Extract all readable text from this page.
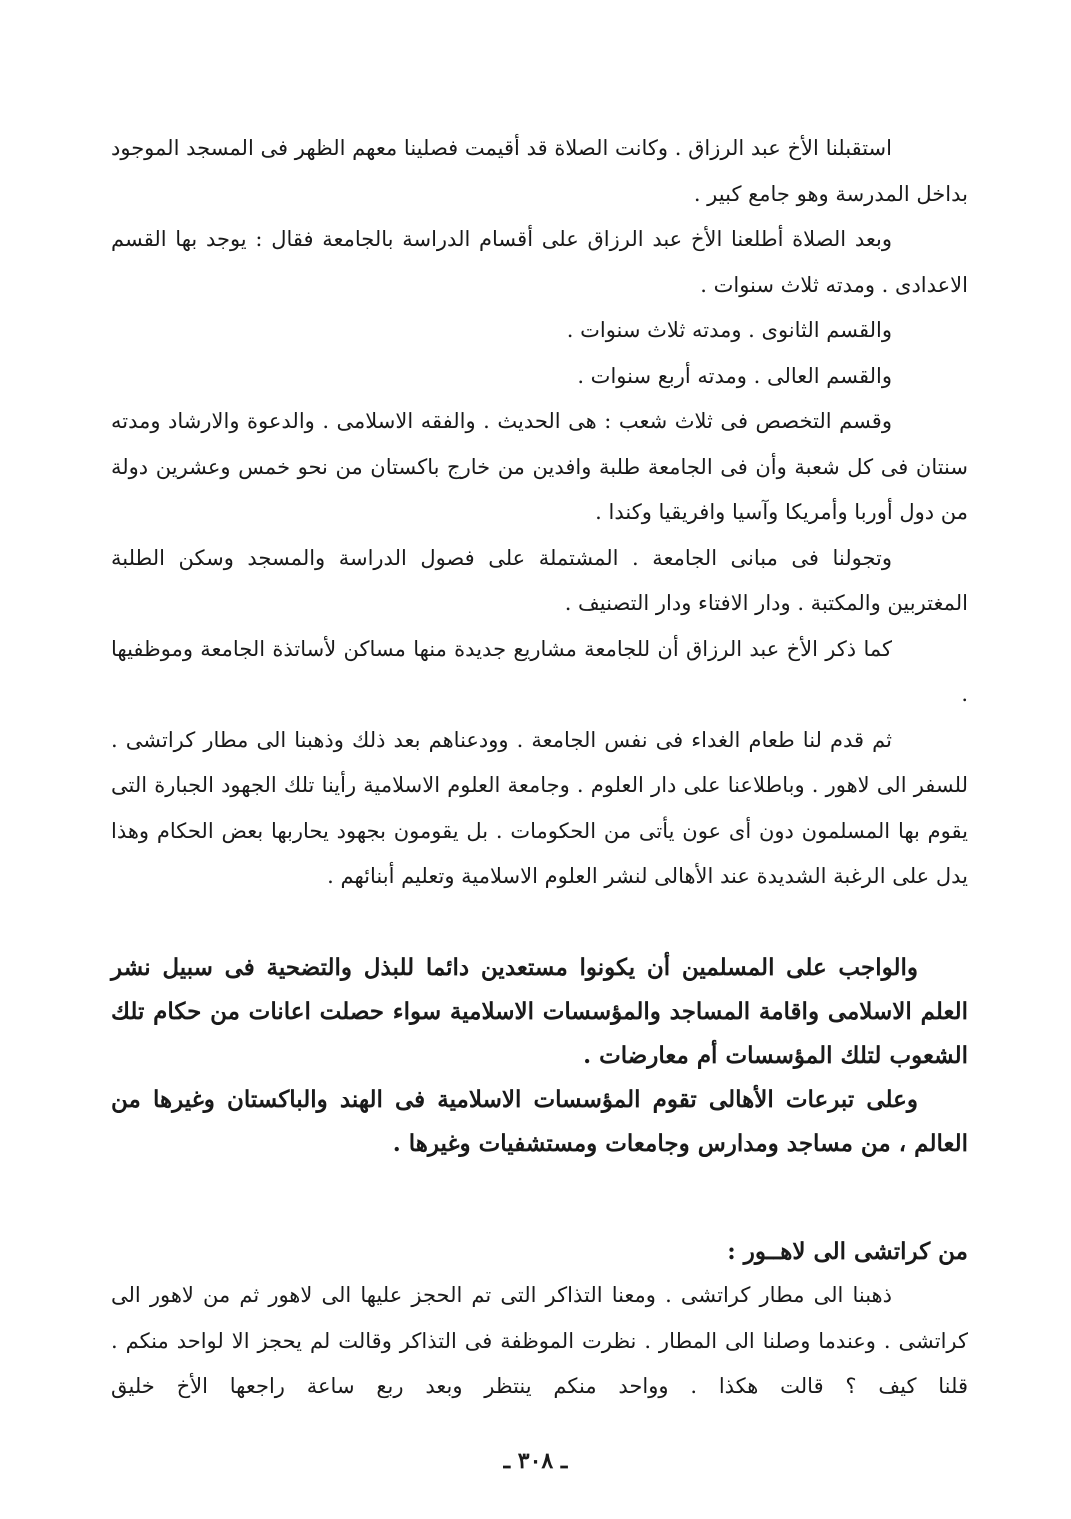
استقبلنا الأخ عبد الرزاق . وكانت الصلاة قد أقيمت فصلينا معهم الظهر فى المسجد الموجود بداخل المدرسة وهو جامع كبير .

وبعد الصلاة أطلعنا الأخ عبد الرزاق على أقسام الدراسة بالجامعة فقال : يوجد بها القسم الاعدادى . ومدته ثلاث سنوات .

والقسم الثانوى . ومدته ثلاث سنوات .

والقسم العالى . ومدته أربع سنوات .

وقسم التخصص فى ثلاث شعب : هى الحديث . والفقه الاسلامى . والدعوة والارشاد ومدته سنتان فى كل شعبة وأن فى الجامعة طلبة وافدين من خارج باكستان من نحو خمس وعشرين دولة من دول أوربا وأمريكا وآسيا وافريقيا وكندا .

وتجولنا فى مبانى الجامعة . المشتملة على فصول الدراسة والمسجد وسكن الطلبة المغتربين والمكتبة . ودار الافتاء ودار التصنيف .

كما ذكر الأخ عبد الرزاق أن للجامعة مشاريع جديدة منها مساكن لأساتذة الجامعة وموظفيها .

ثم قدم لنا طعام الغداء فى نفس الجامعة . وودعناهم بعد ذلك وذهبنا الى مطار كراتشى . للسفر الى لاهور . وباطلاعنا على دار العلوم . وجامعة العلوم الاسلامية رأينا تلك الجهود الجبارة التى يقوم بها المسلمون دون أى عون يأتى من الحكومات . بل يقومون بجهود يحاربها بعض الحكام وهذا يدل على الرغبة الشديدة عند الأهالى لنشر العلوم الاسلامية وتعليم أبنائهم .

والواجب على المسلمين أن يكونوا مستعدين دائما للبذل والتضحية فى سبيل نشر العلم الاسلامى واقامة المساجد والمؤسسات الاسلامية سواء حصلت اعانات من حكام تلك الشعوب لتلك المؤسسات أم معارضات .

وعلى تبرعات الأهالى تقوم المؤسسات الاسلامية فى الهند والباكستان وغيرها من العالم ، من مساجد ومدارس وجامعات ومستشفيات وغيرها .

من كراتشى الى لاهــور :

ذهبنا الى مطار كراتشى . ومعنا التذاكر التى تم الحجز عليها الى لاهور ثم من لاهور الى كراتشى . وعندما وصلنا الى المطار . نظرت الموظفة فى التذاكر وقالت لم يحجز الا لواحد منكم . قلنا كيف ؟ قالت هكذا . وواحد منكم ينتظر وبعد ربع ساعة راجعها الأخ خليق

ـ ٣٠٨ ـ
